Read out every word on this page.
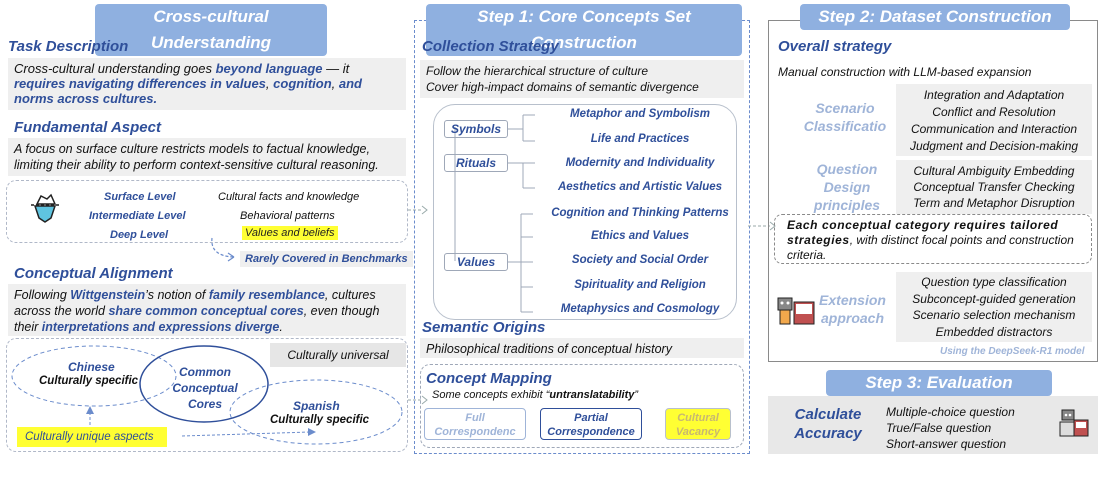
Cross-cultural Understanding
Task Description
Cross-cultural understanding goes beyond language — it requires navigating differences in values, cognition, and norms across cultures.
Fundamental Aspect
A focus on surface culture restricts models to factual knowledge, limiting their ability to perform context-sensitive cultural reasoning.
Surface Level	Cultural facts and knowledge
Intermediate Level	Behavioral patterns
Deep Level	Values and beliefs
Rarely Covered in Benchmarks
Conceptual Alignment
Following Wittgenstein’s notion of family resemblance, cultures across the world share common conceptual cores, even though their interpretations and expressions diverge.
Culturally universal
Chinese
Culturally specific
Common Conceptual Cores	Spanish
Culturally specific
Culturally unique aspects
Step 1: Core Concepts Set Construction
Collection Strategy
Follow the hierarchical structure of culture
Cover high-impact domains of semantic divergence
Symbols
Rituals
Values
Metaphor and Symbolism
Life and Practices
Modernity and Individuality
Aesthetics and Artistic Values
Cognition and Thinking Patterns
Ethics and Values
Society and Social Order
Spirituality and Religion
Metaphysics and Cosmology
Semantic Origins
Philosophical traditions of conceptual history
Concept Mapping
Some concepts exhibit “untranslatability”
Full Correspondenc
Partial Correspondence
Cultural Vacancy
Step 2: Dataset Construction
Overall strategy
Manual construction with LLM-based expansion
Scenario Classificatio
Integration and Adaptation
Conflict and Resolution
Communication and Interaction
Judgment and Decision-making
Question Design principles
Cultural Ambiguity Embedding
Conceptual Transfer Checking
Term and Metaphor Disruption
Each conceptual category requires tailored strategies, with distinct focal points and construction criteria.
Extension approach
Question type classification
Subconcept-guided generation
Scenario selection mechanism
Embedded distractors
Using the DeepSeek-R1 model
Step 3: Evaluation
Calculate Accuracy
Multiple-choice question
True/False question
Short-answer question
